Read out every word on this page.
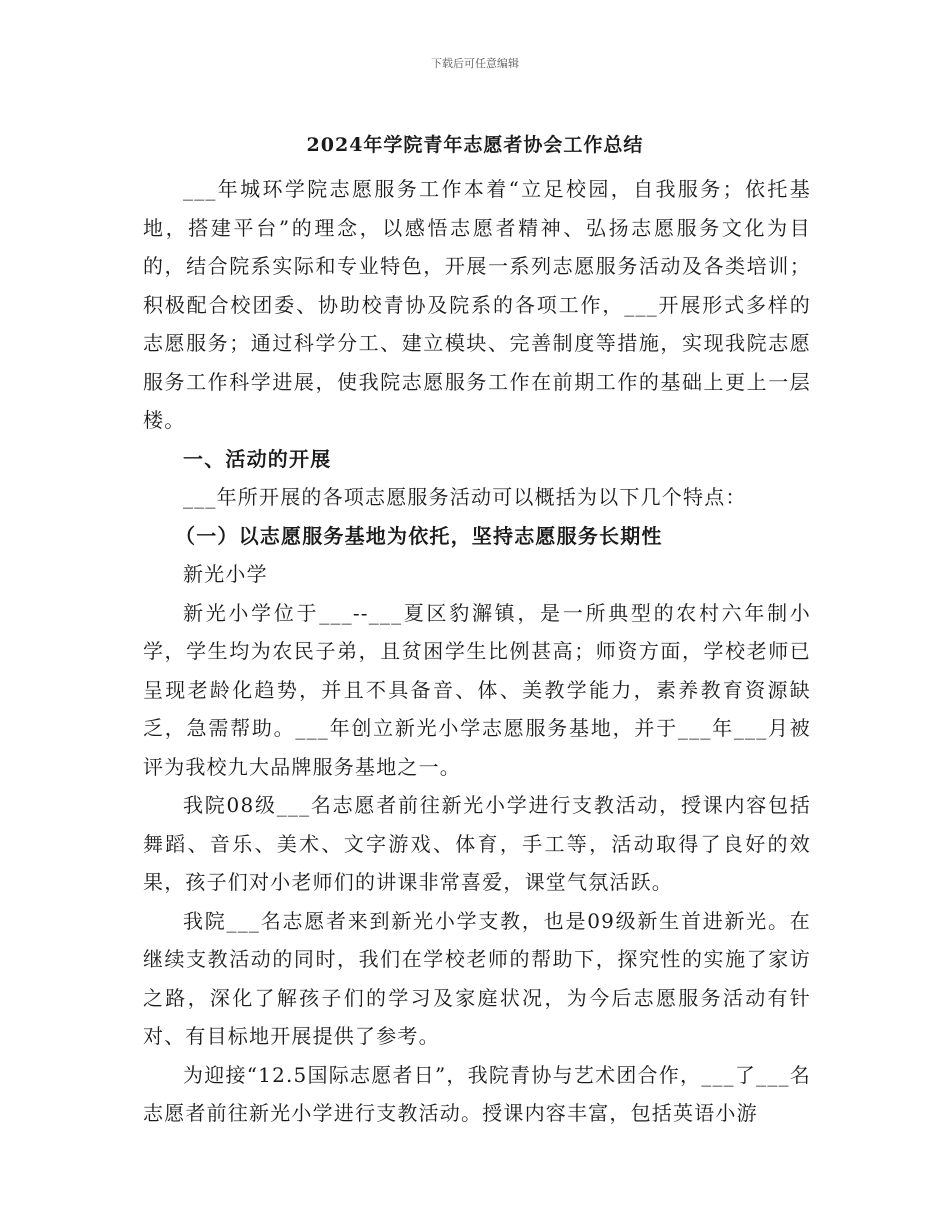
下载后可任意编辑
2024年学院青年志愿者协会工作总结

___年城环学院志愿服务工作本着“立足校园，自我服务；依托基地，搭建平台”的理念，以感悟志愿者精神、弘扬志愿服务文化为目的，结合院系实际和专业特色，开展一系列志愿服务活动及各类培训；积极配合校团委、协助校青协及院系的各项工作，___开展形式多样的志愿服务；通过科学分工、建立模块、完善制度等措施，实现我院志愿服务工作科学进展，使我院志愿服务工作在前期工作的基础上更上一层楼。

一、活动的开展

___年所开展的各项志愿服务活动可以概括为以下几个特点：

（一）以志愿服务基地为依托，坚持志愿服务长期性

新光小学

新光小学位于___--___夏区豹澥镇，是一所典型的农村六年制小学，学生均为农民子弟，且贫困学生比例甚高；师资方面，学校老师已呈现老龄化趋势，并且不具备音、体、美教学能力，素养教育资源缺乏，急需帮助。___年创立新光小学志愿服务基地，并于___年___月被评为我校九大品牌服务基地之一。

我院08级___名志愿者前往新光小学进行支教活动，授课内容包括舞蹈、音乐、美术、文字游戏、体育，手工等，活动取得了良好的效果，孩子们对小老师们的讲课非常喜爱，课堂气氛活跃。

我院___名志愿者来到新光小学支教，也是09级新生首进新光。在继续支教活动的同时，我们在学校老师的帮助下，探究性的实施了家访之路，深化了解孩子们的学习及家庭状况，为今后志愿服务活动有针对、有目标地开展提供了参考。

为迎接“12.5国际志愿者日”，我院青协与艺术团合作，___了___名志愿者前往新光小学进行支教活动。授课内容丰富，包括英语小游
